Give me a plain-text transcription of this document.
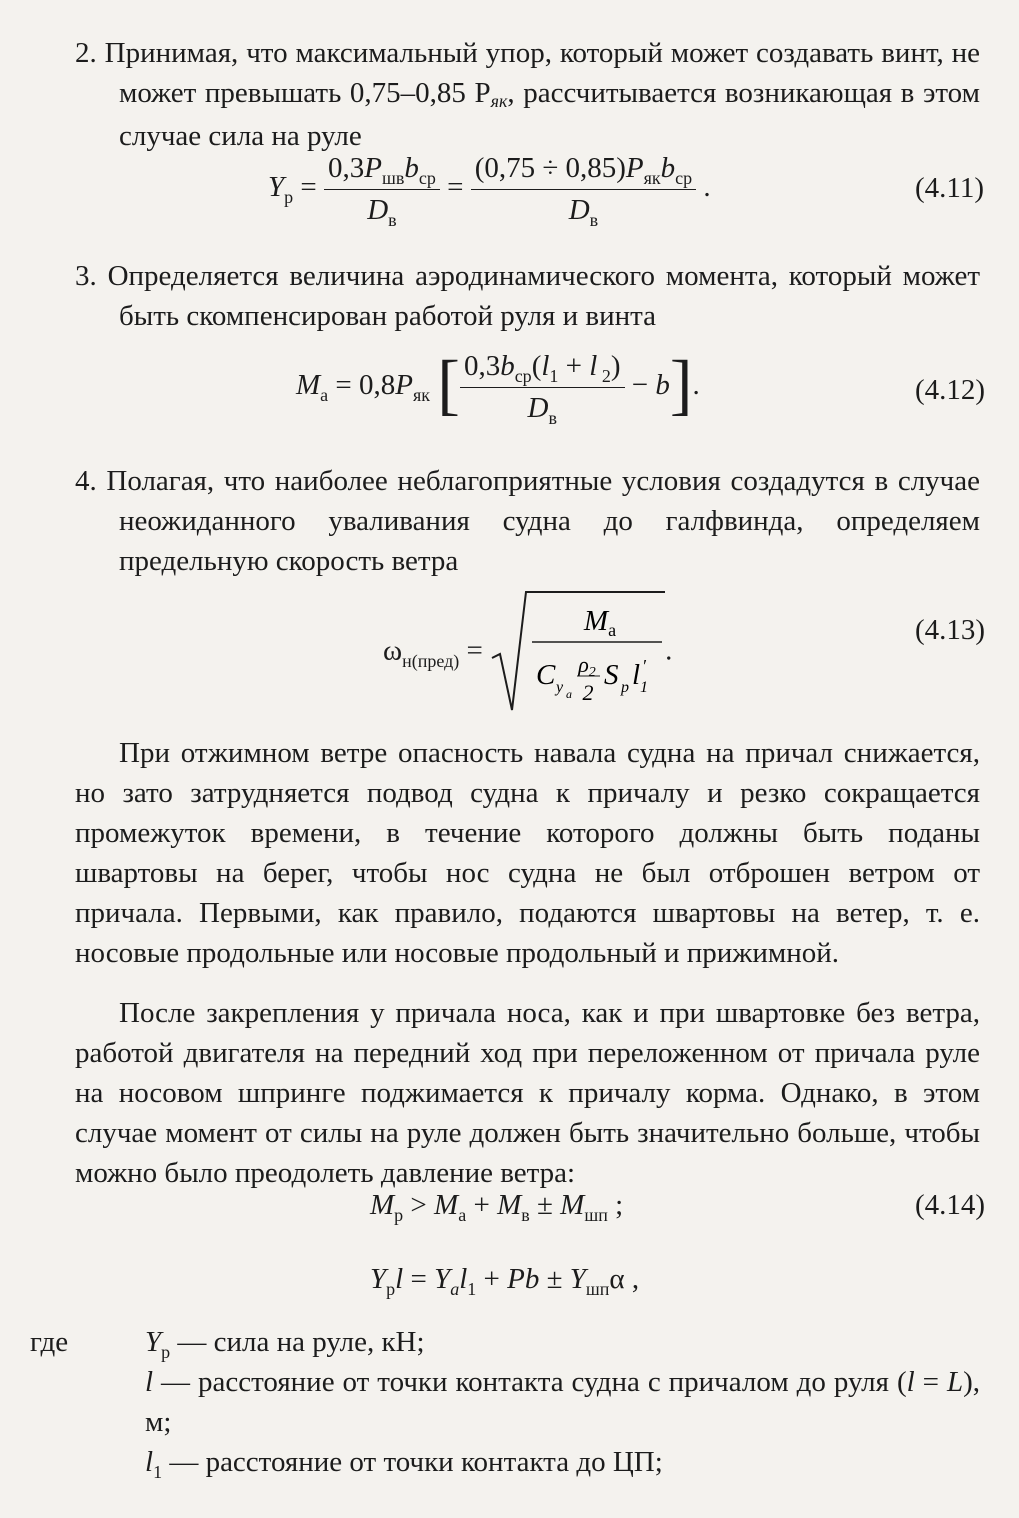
2. Принимая, что максимальный упор, который может создавать винт, не может превышать 0,75–0,85 Pяк, рассчитывается возникающая в этом случае сила на руле
$Y_р = \frac{0,3P_{шв}b_{ср}}{D_в} = \frac{(0,75 \div 0,85)P_{як}b_{ср}}{D_в}$ .	(4.11)
3. Определяется величина аэродинамического момента, который может быть скомпенсирован работой руля и винта
$M_а = 0,8P_{як}$ [ $\frac{0,3b_{ср}(l_1 + l _2)}{D_в} - b$].	(4.12)
4. Полагая, что наиболее неблагоприятные условия создадутся в случае неожиданного уваливания судна до галфвинда, определяем предельную скорость ветра
$\omega_{н(пред)}$ =
$M_а$
C y a
ρ2
2
S p l 1
′ .
(4.13)
При отжимном ветре опасность навала судна на причал снижается, но зато затрудняется подвод судна к причалу и резко сокращается промежуток времени, в течение которого должны быть поданы швартовы на берег, чтобы нос судна не был отброшен ветром от причала. Первыми, как правило, подаются швартовы на ветер, т. е. носовые продольные или носовые продольный и прижимной.
После закрепления у причала носа, как и при швартовке без ветра, работой двигателя на передний ход при переложенном от причала руле на носовом шпринге поджимается к причалу корма. Однако, в этом случае момент от силы на руле должен быть значительно больше, чтобы можно было преодолеть давление ветра:
$M_р > M_а + M_в \pm M_{шп}$ ;	(4.14)
$Y_рl = Y_al_1 + Pb \pm Y_{шп}\alpha$ ,
где	$Y_р$ — сила на руле, кН;
l — расстояние от точки контакта судна с причалом до руля (l = L), м;
$l_1$ — расстояние от точки контакта до ЦП;
